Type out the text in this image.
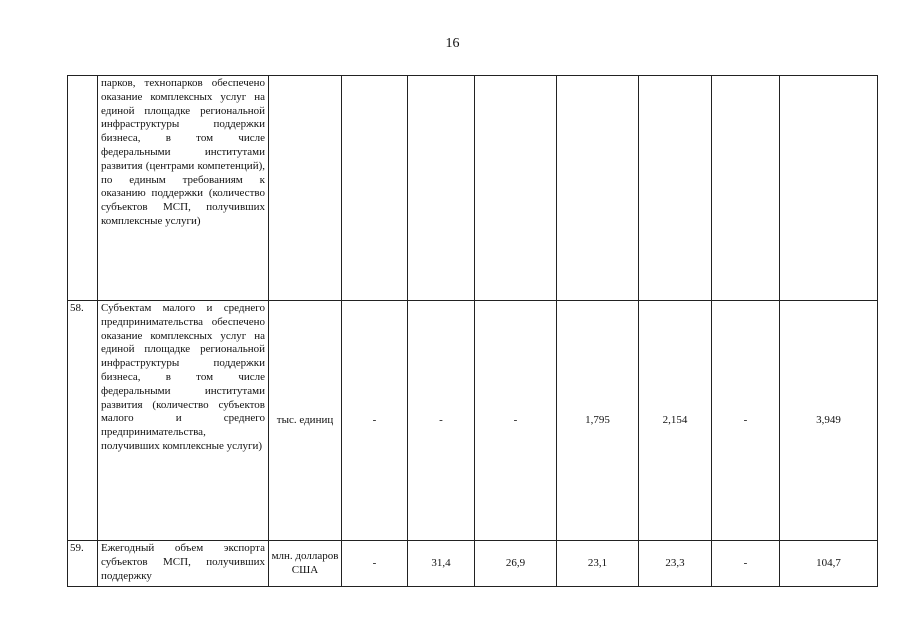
16
	парков, технопарков обеспечено оказание комплексных услуг на единой площадке региональной инфраструктуры поддержки бизнеса, в том числе федеральными институтами развития (центрами компетенций), по единым требованиям к оказанию поддержки (количество субъектов МСП, получивших комплексные услуги)								
58.	Субъектам малого и среднего предпринимательства обеспечено оказание комплексных услуг на единой площадке региональной инфраструктуры поддержки бизнеса, в том числе федеральными институтами развития (количество субъектов малого и среднего предпринимательства, получивших комплексные услуги)	тыс. единиц	-	-	-	1,795	2,154	-	3,949
59.	Ежегодный объем экспорта субъектов МСП, получивших поддержку	млн. долларов США	-	31,4	26,9	23,1	23,3	-	104,7
